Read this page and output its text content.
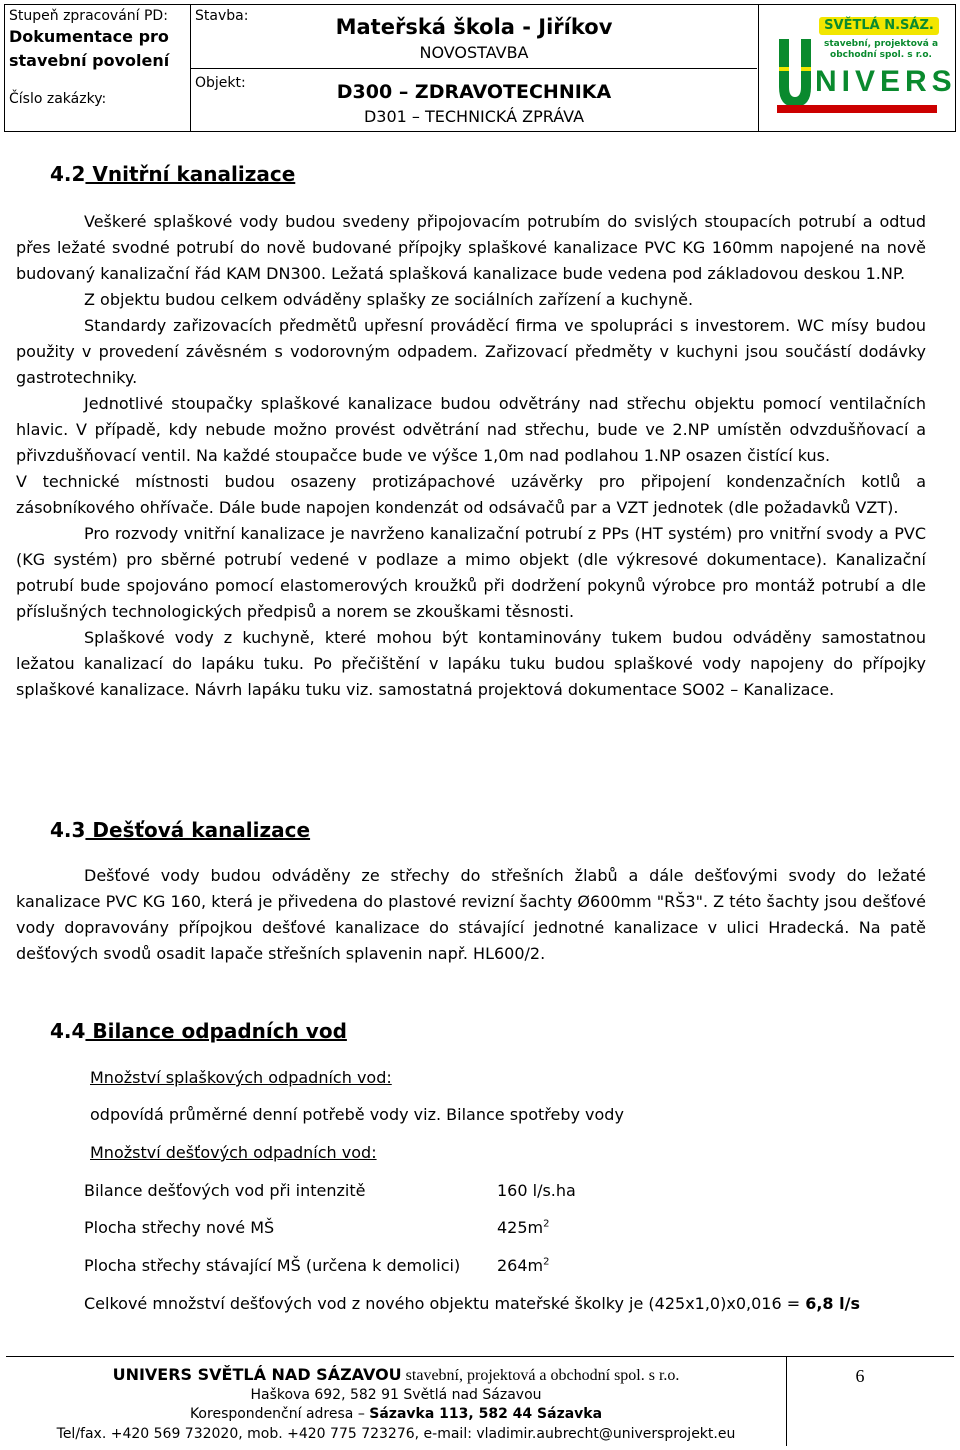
Stupeň zpracování PD:
Dokumentace pro
stavební povolení
Číslo zakázky:
Stavba:	Mateřská škola - Jiříkov
NOVOSTAVBA
Objekt:	D300 – ZDRAVOTECHNIKA
D301 – TECHNICKÁ ZPRÁVA
SVĚTLÁ N.SÁZ.
stavební, projektová a
obchodní spol. s r.o.
NIVERS
4.2 Vnitřní kanalizace

Veškeré splaškové vody budou svedeny připojovacím potrubím do svislých stoupacích potrubí a odtud přes ležaté svodné potrubí do nově budované přípojky splaškové kanalizace PVC KG 160mm napojené na nově budovaný kanalizační řád KAM DN300. Ležatá splašková kanalizace bude vedena pod základovou deskou 1.NP.

Z objektu budou celkem odváděny splašky ze sociálních zařízení a kuchyně.

Standardy zařizovacích předmětů upřesní prováděcí firma ve spolupráci s investorem. WC mísy budou použity v provedení závěsném s vodorovným odpadem. Zařizovací předměty v kuchyni jsou součástí dodávky gastrotechniky.

Jednotlivé stoupačky splaškové kanalizace budou odvětrány nad střechu objektu pomocí ventilačních hlavic. V případě, kdy nebude možno provést odvětrání nad střechu, bude ve 2.NP umístěn odvzdušňovací a přivzdušňovací ventil. Na každé stoupačce bude ve výšce 1,0m nad podlahou 1.NP osazen čistící kus.

V technické místnosti budou osazeny protizápachové uzávěrky pro připojení kondenzačních kotlů a zásobníkového ohřívače. Dále bude napojen kondenzát od odsávačů par a VZT jednotek (dle požadavků VZT).

Pro rozvody vnitřní kanalizace je navrženo kanalizační potrubí z PPs (HT systém) pro vnitřní svody a PVC (KG systém) pro sběrné potrubí vedené v podlaze a mimo objekt (dle výkresové dokumentace). Kanalizační potrubí bude spojováno pomocí elastomerových kroužků při dodržení pokynů výrobce pro montáž potrubí a dle příslušných technologických předpisů a norem se zkouškami těsnosti.

Splaškové vody z kuchyně, které mohou být kontaminovány tukem budou odváděny samostatnou ležatou kanalizací do lapáku tuku. Po přečištění v lapáku tuku budou splaškové vody napojeny do přípojky splaškové kanalizace. Návrh lapáku tuku viz. samostatná projektová dokumentace SO02 – Kanalizace.

4.3 Dešťová kanalizace

Dešťové vody budou odváděny ze střechy do střešních žlabů a dále dešťovými svody do ležaté kanalizace PVC KG 160, která je přivedena do plastové revizní šachty Ø600mm "RŠ3". Z této šachty jsou dešťové vody dopravovány přípojkou dešťové kanalizace do stávající jednotné kanalizace v ulici Hradecká. Na patě dešťových svodů osadit lapače střešních splavenin např. HL600/2.

4.4 Bilance odpadních vod
Množství splaškových odpadních vod:
odpovídá průměrné denní potřebě vody viz. Bilance spotřeby vody
Množství dešťových odpadních vod:
Bilance dešťových vod při intenzitě	160 l/s.ha
Plocha střechy nové MŠ	$425m^2$
Plocha střechy stávající MŠ (určena k demolici) $264m^2$
Celkové množství dešťových vod z nového objektu mateřské školky je (425x1,0)x0,016 = 6,8 l/s
UNIVERS SVĚTLÁ NAD SÁZAVOU stavební, projektová a obchodní spol. s r.o.
Haškova 692, 582 91 Světlá nad Sázavou
Korespondenční adresa – Sázavka 113, 582 44 Sázavka
Tel/fax. +420 569 732020, mob. +420 775 723276, e-mail: vladimir.aubrecht@universprojekt.eu
6
